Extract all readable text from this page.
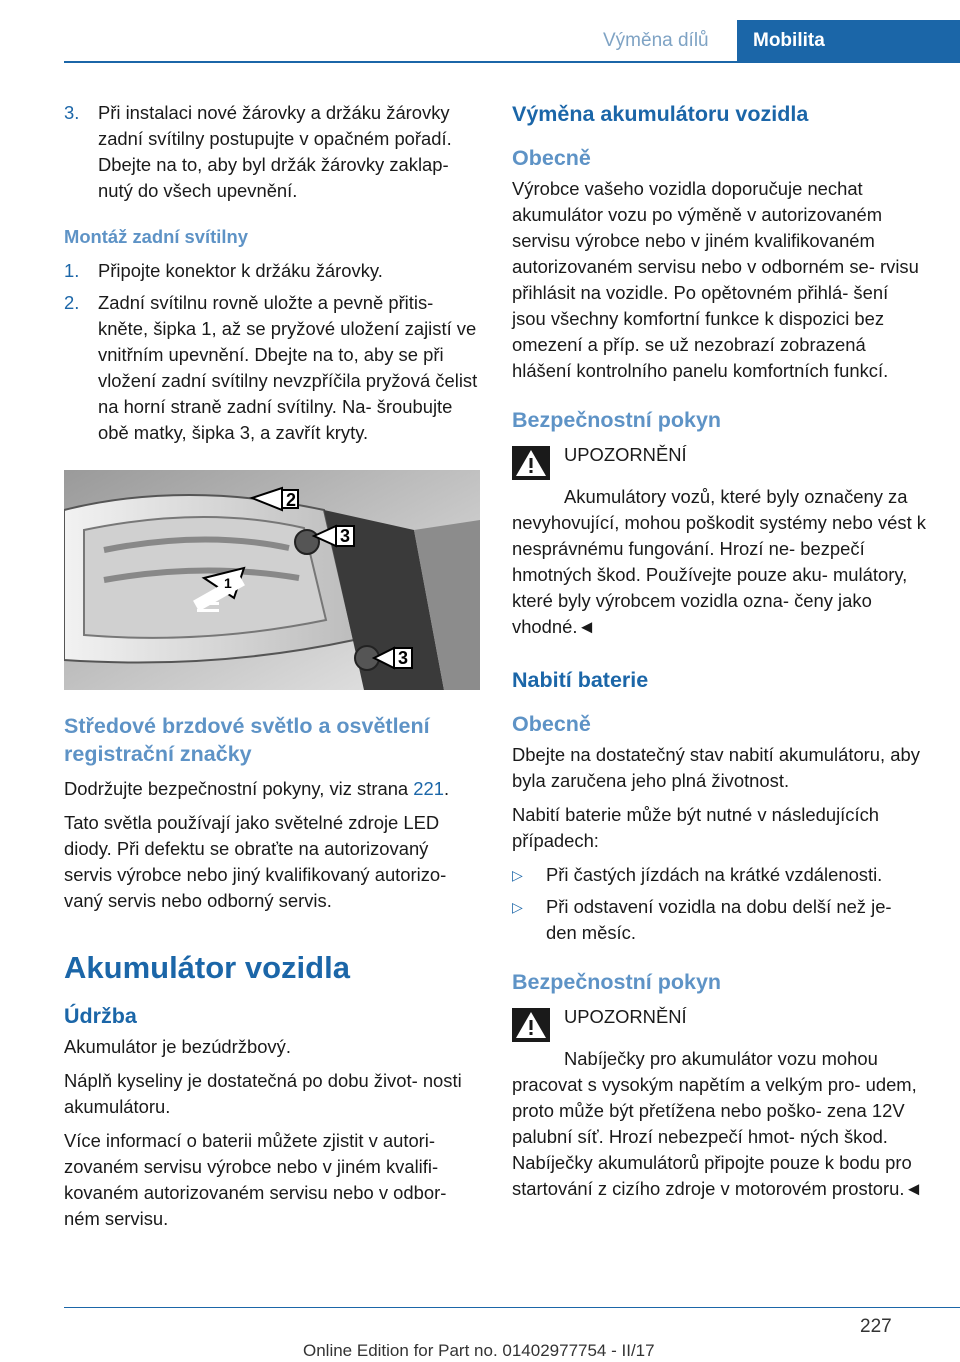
Výměna dílů	Mobilita
3.	Při instalaci nové žárovky a držáku žárovky zadní svítilny postupujte v opačném pořadí. Dbejte na to, aby byl držák žárovky zaklap- nutý do všech upevnění.
Montáž zadní svítilny
1.	Připojte konektor k držáku žárovky.
2.	Zadní svítilnu rovně uložte a pevně přitis- kněte, šipka 1, až se pryžové uložení zajistí ve vnitřním upevnění. Dbejte na to, aby se při vložení zadní svítilny nevzpříčila pryžová čelist na horní straně zadní svítilny. Na- šroubujte obě matky, šipka 3, a zavřít kryty.
2
3
1
3
Středové brzdové světlo a osvětlení registrační značky

Dodržujte bezpečnostní pokyny, viz strana 221.

Tato světla používají jako světelné zdroje LED diody. Při defektu se obraťte na autorizovaný servis výrobce nebo jiný kvalifikovaný autorizo- vaný servis nebo odborný servis.

Akumulátor vozidla
Údržba

Akumulátor je bezúdržbový.

Náplň kyseliny je dostatečná po dobu život- nosti akumulátoru.

Více informací o baterii můžete zjistit v autori- zovaném servisu výrobce nebo v jiném kvalifi- kovaném autorizovaném servisu nebo v odbor- ném servisu.

Výměna akumulátoru vozidla
Obecně

Výrobce vašeho vozidla doporučuje nechat akumulátor vozu po výměně v autorizovaném servisu výrobce nebo v jiném kvalifikovaném autorizovaném servisu nebo v odborném se- rvisu přihlásit na vozidle. Po opětovném přihlá- šení jsou všechny komfortní funkce k dispozici bez omezení a příp. se už nezobrazí zobrazená hlášení kontrolního panelu komfortních funkcí.

Bezpečnostní pokyn
UPOZORNĚNÍ

Akumulátory vozů, které byly označeny za nevyhovující, mohou poškodit systémy nebo vést k nesprávnému fungování. Hrozí ne- bezpečí hmotných škod. Používejte pouze aku- mulátory, které byly výrobcem vozidla ozna- čeny jako vhodné.◄

Nabití baterie
Obecně

Dbejte na dostatečný stav nabití akumulátoru, aby byla zaručena jeho plná životnost.

Nabití baterie může být nutné v následujících případech:

▷	Při častých jízdách na krátké vzdálenosti.
▷	Při odstavení vozidla na dobu delší než je- den měsíc.
Bezpečnostní pokyn
UPOZORNĚNÍ

Nabíječky pro akumulátor vozu mohou pracovat s vysokým napětím a velkým pro- udem, proto může být přetížena nebo poško- zena 12V palubní síť. Hrozí nebezpečí hmot- ných škod. Nabíječky akumulátorů připojte pouze k bodu pro startování z cizího zdroje v motorovém prostoru.◄

227
Online Edition for Part no. 01402977754 - II/17
